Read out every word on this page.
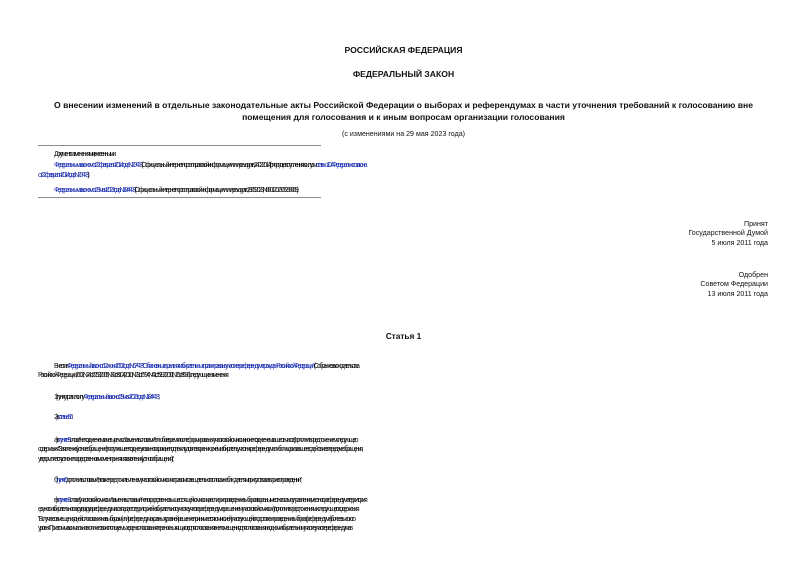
РОССИЙСКАЯ ФЕДЕРАЦИЯ
ФЕДЕРАЛЬНЫЙ ЗАКОН
О внесении изменений в отдельные законодательные акты Российской Федерации о выборах и референдумах в части уточнения требований к голосованию вне
помещения для голосования и к иным вопросам организации голосования
(с изменениями на 29 мая 2023 года)
Документ с изменениями, внесенными:
Федеральным законом от 22 февраля 2014 года N 20-ФЗ (Официальный интернет-портал правовой информации www.pravo.gov.ru, 24.02.2014) (о порядке вступления в силу см. статью 104 Федерального закона
от 22 февраля 2014 года N 20-ФЗ);
Федеральным законом от 29 мая 2023 года N 184-ФЗ (Официальный интернет-портал правовой информации www.pravo.gov.ru, 29.05.2023, N 0001202305290009).
Принят
Государственной Думой
5 июля 2011 года
Одобрен
Советом Федерации
13 июля 2011 года
Статья 1
Внести в Федеральный закон от 12 июня 2002 года N 67-ФЗ "Об основных гарантиях избирательных прав и права на участие в референдуме граждан Российской Федерации" (Собрание законодательства
Российской Федерации, 2002, N 24, ст.2253; 2005, N 30, ст.3104; 2010, N 23, ст.2794; N 41, ст.5192; 2011, N 25, ст.3536) следующие изменения:
1) пункт утратил силу - Федеральный закон от 29 мая 2023 года N 184-ФЗ
2) в статье 66
а) в пункте 5 слова "не позднее чем за четыре часа" заменить словами "в любое время после формирования участковой комиссии, но не позднее чем за шесть часов", дополнить предложением следующего
содержания: "Заявление (устное обращение), поступившее позднее указанного срока, не подлежит удовлетворению, о чем избиратель, участник референдума либо лицо, оказавшее содействие в передаче обращения,
уведомляется устно непосредственно в момент принятия заявления (устного обращения).";
б) пункт 6 дополнить словами ", а также предложить членам участковой комиссии с правом совещательного голоса и наблюдателям присутствовать при его проведении";
в) в пункте 8 слова "участковой комиссии" заменить словами "непосредственно вышестоящей комиссии, а если при проведении выборов в органы местного самоуправления, местного референдума территория
единого избирательного округа, округа референдума совпадает с территорией избирательного участка, участка референдума, - решением участковой комиссии", дополнить предложениями следующего содержания:
"В случае совмещения дней голосования на выборах и (или) референдумах разных уровней решение принимается комиссией, участвующей в подготовке и проведении выборов (референдума) более высокого
уровня. При этом максимальное количество используемых в день голосования переносных ящиков для голосования вне помещения для голосования на одном избирательном участке, участке референдума в
